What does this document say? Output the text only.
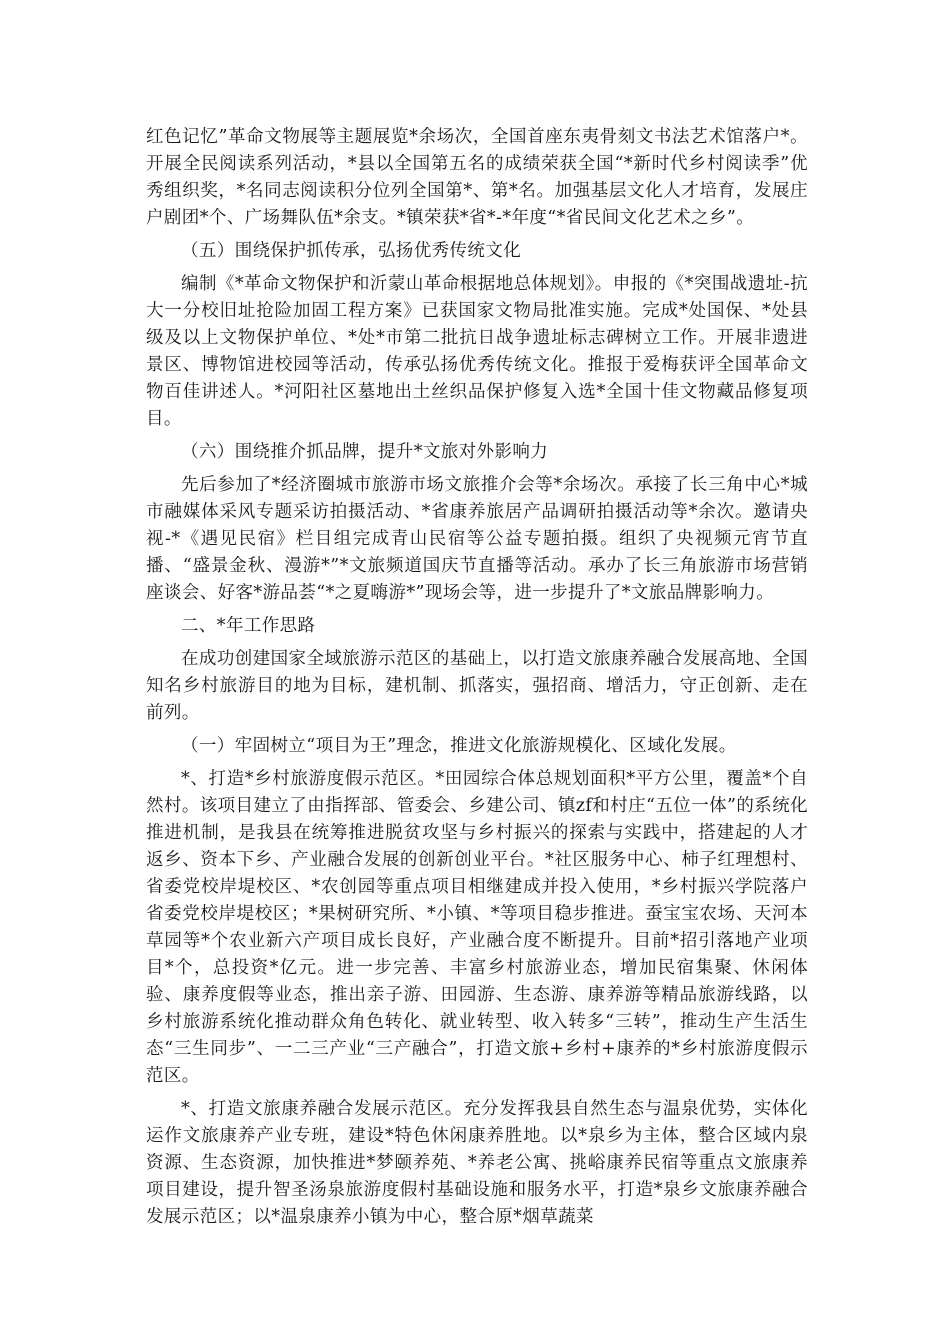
红色记忆”革命文物展等主题展览*余场次，全国首座东夷骨刻文书法艺术馆落户*。开展全民阅读系列活动，*县以全国第五名的成绩荣获全国“*新时代乡村阅读季”优秀组织奖，*名同志阅读积分位列全国第*、第*名。加强基层文化人才培育，发展庄户剧团*个、广场舞队伍*余支。*镇荣获*省*-*年度“*省民间文化艺术之乡”。

（五）围绕保护抓传承，弘扬优秀传统文化

编制《*革命文物保护和沂蒙山革命根据地总体规划》。申报的《*突围战遗址-抗大一分校旧址抢险加固工程方案》已获国家文物局批准实施。完成*处国保、*处县级及以上文物保护单位、*处*市第二批抗日战争遗址标志碑树立工作。开展非遗进景区、博物馆进校园等活动，传承弘扬优秀传统文化。推报于爱梅获评全国革命文物百佳讲述人。*河阳社区墓地出土丝织品保护修复入选*全国十佳文物藏品修复项目。

（六）围绕推介抓品牌，提升*文旅对外影响力

先后参加了*经济圈城市旅游市场文旅推介会等*余场次。承接了长三角中心*城市融媒体采风专题采访拍摄活动、*省康养旅居产品调研拍摄活动等*余次。邀请央视-*《遇见民宿》栏目组完成青山民宿等公益专题拍摄。组织了央视频元宵节直播、“盛景金秋、漫游*”*文旅频道国庆节直播等活动。承办了长三角旅游市场营销座谈会、好客*游品荟“*之夏嗨游*”现场会等，进一步提升了*文旅品牌影响力。

二、*年工作思路

在成功创建国家全域旅游示范区的基础上，以打造文旅康养融合发展高地、全国知名乡村旅游目的地为目标，建机制、抓落实，强招商、增活力，守正创新、走在前列。

（一）牢固树立“项目为王”理念，推进文化旅游规模化、区域化发展。

*、打造*乡村旅游度假示范区。*田园综合体总规划面积*平方公里，覆盖*个自然村。该项目建立了由指挥部、管委会、乡建公司、镇zf和村庄“五位一体”的系统化推进机制，是我县在统筹推进脱贫攻坚与乡村振兴的探索与实践中，搭建起的人才返乡、资本下乡、产业融合发展的创新创业平台。*社区服务中心、柿子红理想村、省委党校岸堤校区、*农创园等重点项目相继建成并投入使用，*乡村振兴学院落户省委党校岸堤校区；*果树研究所、*小镇、*等项目稳步推进。蚕宝宝农场、天河本草园等*个农业新六产项目成长良好，产业融合度不断提升。目前*招引落地产业项目*个，总投资*亿元。进一步完善、丰富乡村旅游业态，增加民宿集聚、休闲体验、康养度假等业态，推出亲子游、田园游、生态游、康养游等精品旅游线路，以乡村旅游系统化推动群众角色转化、就业转型、收入转多“三转”，推动生产生活生态“三生同步”、一二三产业“三产融合”，打造文旅+乡村+康养的*乡村旅游度假示范区。

*、打造文旅康养融合发展示范区。充分发挥我县自然生态与温泉优势，实体化运作文旅康养产业专班，建设*特色休闲康养胜地。以*泉乡为主体，整合区域内泉资源、生态资源，加快推进*梦颐养苑、*养老公寓、挑峪康养民宿等重点文旅康养项目建设，提升智圣汤泉旅游度假村基础设施和服务水平，打造*泉乡文旅康养融合发展示范区；以*温泉康养小镇为中心，整合原*烟草蔬菜
